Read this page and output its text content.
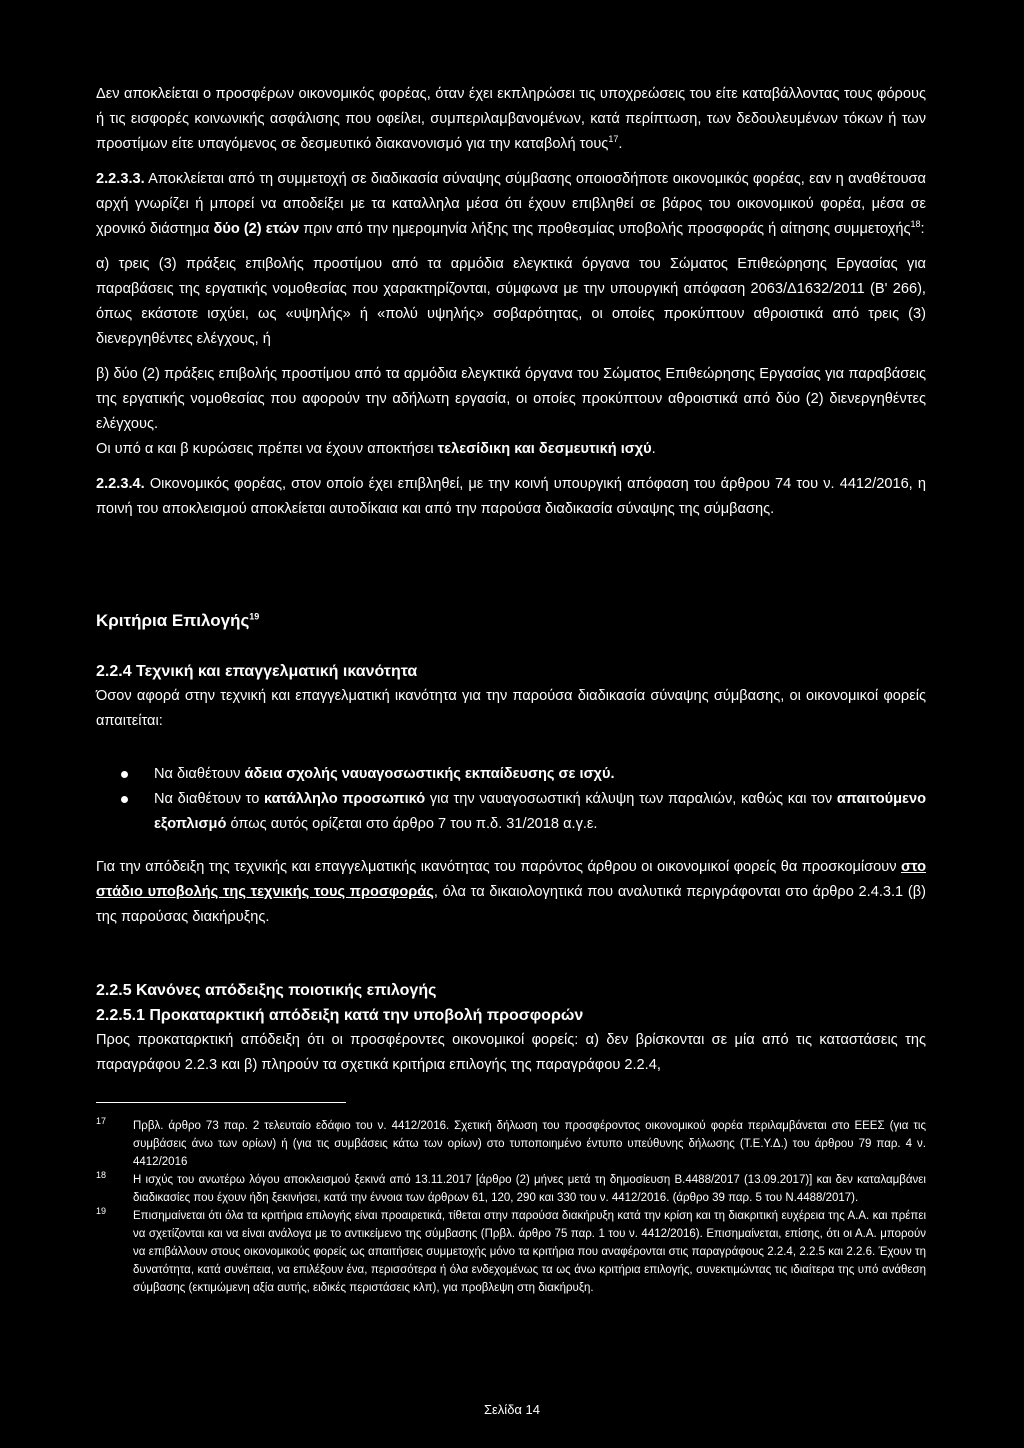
Δεν αποκλείεται ο προσφέρων οικονομικός φορέας, όταν έχει εκπληρώσει τις υποχρεώσεις του είτε καταβάλλοντας τους φόρους ή τις εισφορές κοινωνικής ασφάλισης που οφείλει, συμπεριλαμβανομένων, κατά περίπτωση, των δεδουλευμένων τόκων ή των προστίμων είτε υπαγόμενος σε δεσμευτικό διακανονισμό για την καταβολή τους$^{17}$.

2.2.3.3. Αποκλείεται από τη συμμετοχή σε διαδικασία σύναψης σύμβασης οποιοσδήποτε οικονομικός φορέας, εαν η αναθέτουσα αρχή γνωρίζει ή μπορεί να αποδείξει με τα καταλληλα μέσα ότι έχουν επιβληθεί σε βάρος του οικονομικού φορέα, μέσα σε χρονικό διάστημα δύο (2) ετών πριν από την ημερομηνία λήξης της προθεσμίας υποβολής προσφοράς ή αίτησης συμμετοχής$^{18}$:

α) τρεις (3) πράξεις επιβολής προστίμου από τα αρμόδια ελεγκτικά όργανα του Σώματος Επιθεώρησης Εργασίας για παραβάσεις της εργατικής νομοθεσίας που χαρακτηρίζονται, σύμφωνα με την υπουργική απόφαση 2063/Δ1632/2011 (Β' 266), όπως εκάστοτε ισχύει, ως «υψηλής» ή «πολύ υψηλής» σοβαρότητας, οι οποίες προκύπτουν αθροιστικά από τρεις (3) διενεργηθέντες ελέγχους, ή

β) δύο (2) πράξεις επιβολής προστίμου από τα αρμόδια ελεγκτικά όργανα του Σώματος Επιθεώρησης Εργασίας για παραβάσεις της εργατικής νομοθεσίας που αφορούν την αδήλωτη εργασία, οι οποίες προκύπτουν αθροιστικά από δύο (2) διενεργηθέντες ελέγχους.

Οι υπό α και β κυρώσεις πρέπει να έχουν αποκτήσει τελεσίδικη και δεσμευτική ισχύ.

2.2.3.4. Οικονομικός φορέας, στον οποίο έχει επιβληθεί, με την κοινή υπουργική απόφαση του άρθρου 74 του ν. 4412/2016, η ποινή του αποκλεισμού αποκλείεται αυτοδίκαια και από την παρούσα διαδικασία σύναψης της σύμβασης.

Κριτήρια Επιλογής$^{19}$
2.2.4 Τεχνική και επαγγελματική ικανότητα

Όσον αφορά στην τεχνική και επαγγελματική ικανότητα για την παρούσα διαδικασία σύναψης σύμβασης, οι οικονομικοί φορείς απαιτείται:

Να διαθέτουν άδεια σχολής ναυαγοσωστικής εκπαίδευσης σε ισχύ.
Να διαθέτουν το κατάλληλο προσωπικό για την ναυαγοσωστική κάλυψη των παραλιών, καθώς και τον απαιτούμενο εξοπλισμό όπως αυτός ορίζεται στο άρθρο 7 του π.δ. 31/2018 α.γ.ε.

Για την απόδειξη της τεχνικής και επαγγελματικής ικανότητας του παρόντος άρθρου οι οικονομικοί φορείς θα προσκομίσουν στο στάδιο υποβολής της τεχνικής τους προσφοράς, όλα τα δικαιολογητικά που αναλυτικά περιγράφονται στο άρθρο 2.4.3.1 (β) της παρούσας διακήρυξης.

2.2.5 Κανόνες απόδειξης ποιοτικής επιλογής
2.2.5.1 Προκαταρκτική απόδειξη κατά την υποβολή προσφορών

Προς προκαταρκτική απόδειξη ότι οι προσφέροντες οικονομικοί φορείς: α) δεν βρίσκονται σε μία από τις καταστάσεις της παραγράφου 2.2.3 και β) πληρούν τα σχετικά κριτήρια επιλογής της παραγράφου 2.2.4,

17 Πρβλ. άρθρο 73 παρ. 2 τελευταίο εδάφιο του ν. 4412/2016. Σχετική δήλωση του προσφέροντος οικονομικού φορέα περιλαμβάνεται στο ΕΕΕΣ (για τις συμβάσεις άνω των ορίων) ή (για τις συμβάσεις κάτω των ορίων) στο τυποποιημένο έντυπο υπεύθυνης δήλωσης (Τ.Ε.Υ.Δ.) του άρθρου 79 παρ. 4 ν. 4412/2016

18 Η ισχύς του ανωτέρω λόγου αποκλεισμού ξεκινά από 13.11.2017 [άρθρο (2) μήνες μετά τη δημοσίευση Β.4488/2017 (13.09.2017)] και δεν καταλαμβάνει διαδικασίες που έχουν ήδη ξεκινήσει, κατά την έννοια των άρθρων 61, 120, 290 και 330 του ν. 4412/2016. (άρθρο 39 παρ. 5 του Ν.4488/2017).

19 Επισημαίνεται ότι όλα τα κριτήρια επιλογής είναι προαιρετικά, τίθεται στην παρούσα διακήρυξη κατά την κρίση και τη διακριτική ευχέρεια της Α.Α. και πρέπει να σχετίζονται και να είναι ανάλογα με το αντικείμενο της σύμβασης (Πρβλ. άρθρο 75 παρ. 1 του ν. 4412/2016). Επισημαίνεται, επίσης, ότι οι Α.Α. μπορούν να επιβάλλουν στους οικονομικούς φορείς ως απαιτήσεις συμμετοχής μόνο τα κριτήρια που αναφέρονται στις παραγράφους 2.2.4, 2.2.5 και 2.2.6. Έχουν τη δυνατότητα, κατά συνέπεια, να επιλέξουν ένα, περισσότερα ή όλα ενδεχομένως τα ως άνω κριτήρια επιλογής, συνεκτιμώντας τις ιδιαίτερα της υπό ανάθεση σύμβασης (εκτιμώμενη αξία αυτής, ειδικές περιστάσεις κλπ), για προβλεψη στη διακήρυξη.

Σελίδα 14
